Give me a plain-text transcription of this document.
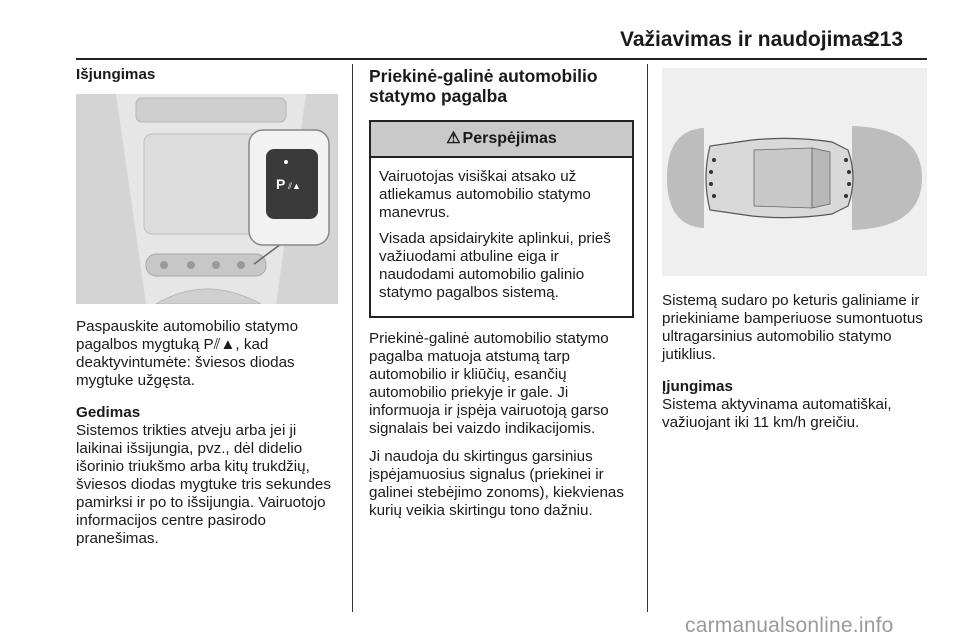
Važiavimas ir naudojimas
213

Išjungimas

P ⫽▲

Paspauskite automobilio statymo pagalbos mygtuką P⫽▲, kad deaktyvintumėte: šviesos diodas mygtuke užgęsta.

Gedimas
Sistemos trikties atveju arba jei ji laikinai išsijungia, pvz., dėl didelio išorinio triukšmo arba kitų trukdžių, šviesos diodas mygtuke tris sekundes pamirksi ir po to išsijungia. Vairuotojo informacijos centre pasirodo pranešimas.

Priekinė-galinė automobilio statymo pagalba
⚠ Perspėjimas

Vairuotojas visiškai atsako už atliekamus automobilio statymo manevrus.

Visada apsidairykite aplinkui, prieš važiuodami atbuline eiga ir naudodami automobilio galinio statymo pagalbos sistemą.

Priekinė-galinė automobilio statymo pagalba matuoja atstumą tarp automobilio ir kliūčių, esančių automobilio priekyje ir gale. Ji informuoja ir įspėja vairuotoją garso signalais bei vaizdo indikacijomis.

Ji naudoja du skirtingus garsinius įspėjamuosius signalus (priekinei ir galinei stebėjimo zonoms), kiekvienas kurių veikia skirtingu tono dažniu.

Sistemą sudaro po keturis galiniame ir priekiniame bamperiuose sumontuotus ultragarsinius automobilio statymo jutiklius.

Įjungimas
Sistema aktyvinama automatiškai, važiuojant iki 11 km/h greičiu.

carmanualsonline.info
